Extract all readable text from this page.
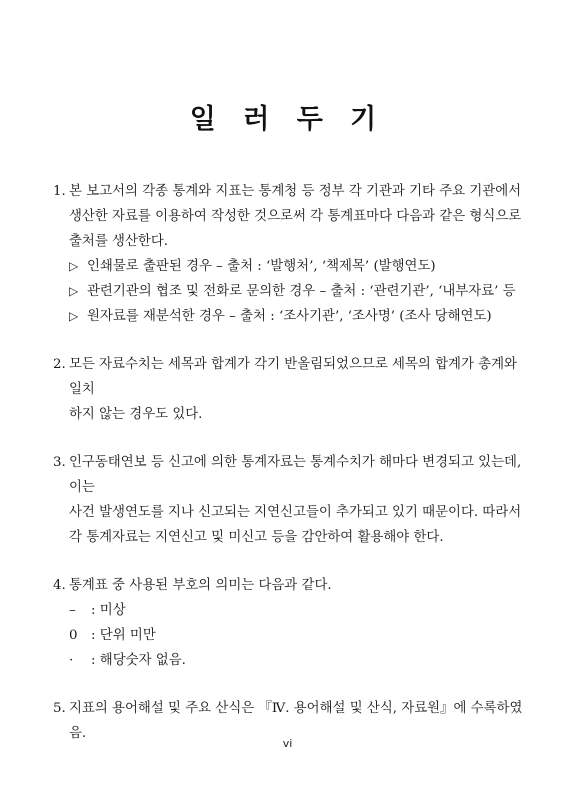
일 러 두 기
1. 본 보고서의 각종 통계와 지표는 통계청 등 정부 각 기관과 기타 주요 기관에서
생산한 자료를 이용하여 작성한 것으로써 각 통계표마다 다음과 같은 형식으로
출처를 생산한다.
▷ 인쇄물로 출판된 경우 – 출처 : ‘발행처’, ‘책제목’ (발행연도)
▷ 관련기관의 협조 및 전화로 문의한 경우 – 출처 : ‘관련기관’, ‘내부자료’ 등
▷ 원자료를 재분석한 경우 – 출처 : ‘조사기관’, ‘조사명’ (조사 당해연도)
2. 모든 자료수치는 세목과 합계가 각기 반올림되었으므로 세목의 합계가 총계와 일치
하지 않는 경우도 있다.
3. 인구동태연보 등 신고에 의한 통계자료는 통계수치가 해마다 변경되고 있는데, 이는
사건 발생연도를 지나 신고되는 지연신고들이 추가되고 있기 때문이다. 따라서
각 통계자료는 지연신고 및 미신고 등을 감안하여 활용해야 한다.
4. 통계표 중 사용된 부호의 의미는 다음과 같다.
–	: 미상
0	: 단위 미만
·	: 해당숫자 없음.
5. 지표의 용어해설 및 주요 산식은 『Ⅳ. 용어해설 및 산식, 자료원』에 수록하였음.
vi
